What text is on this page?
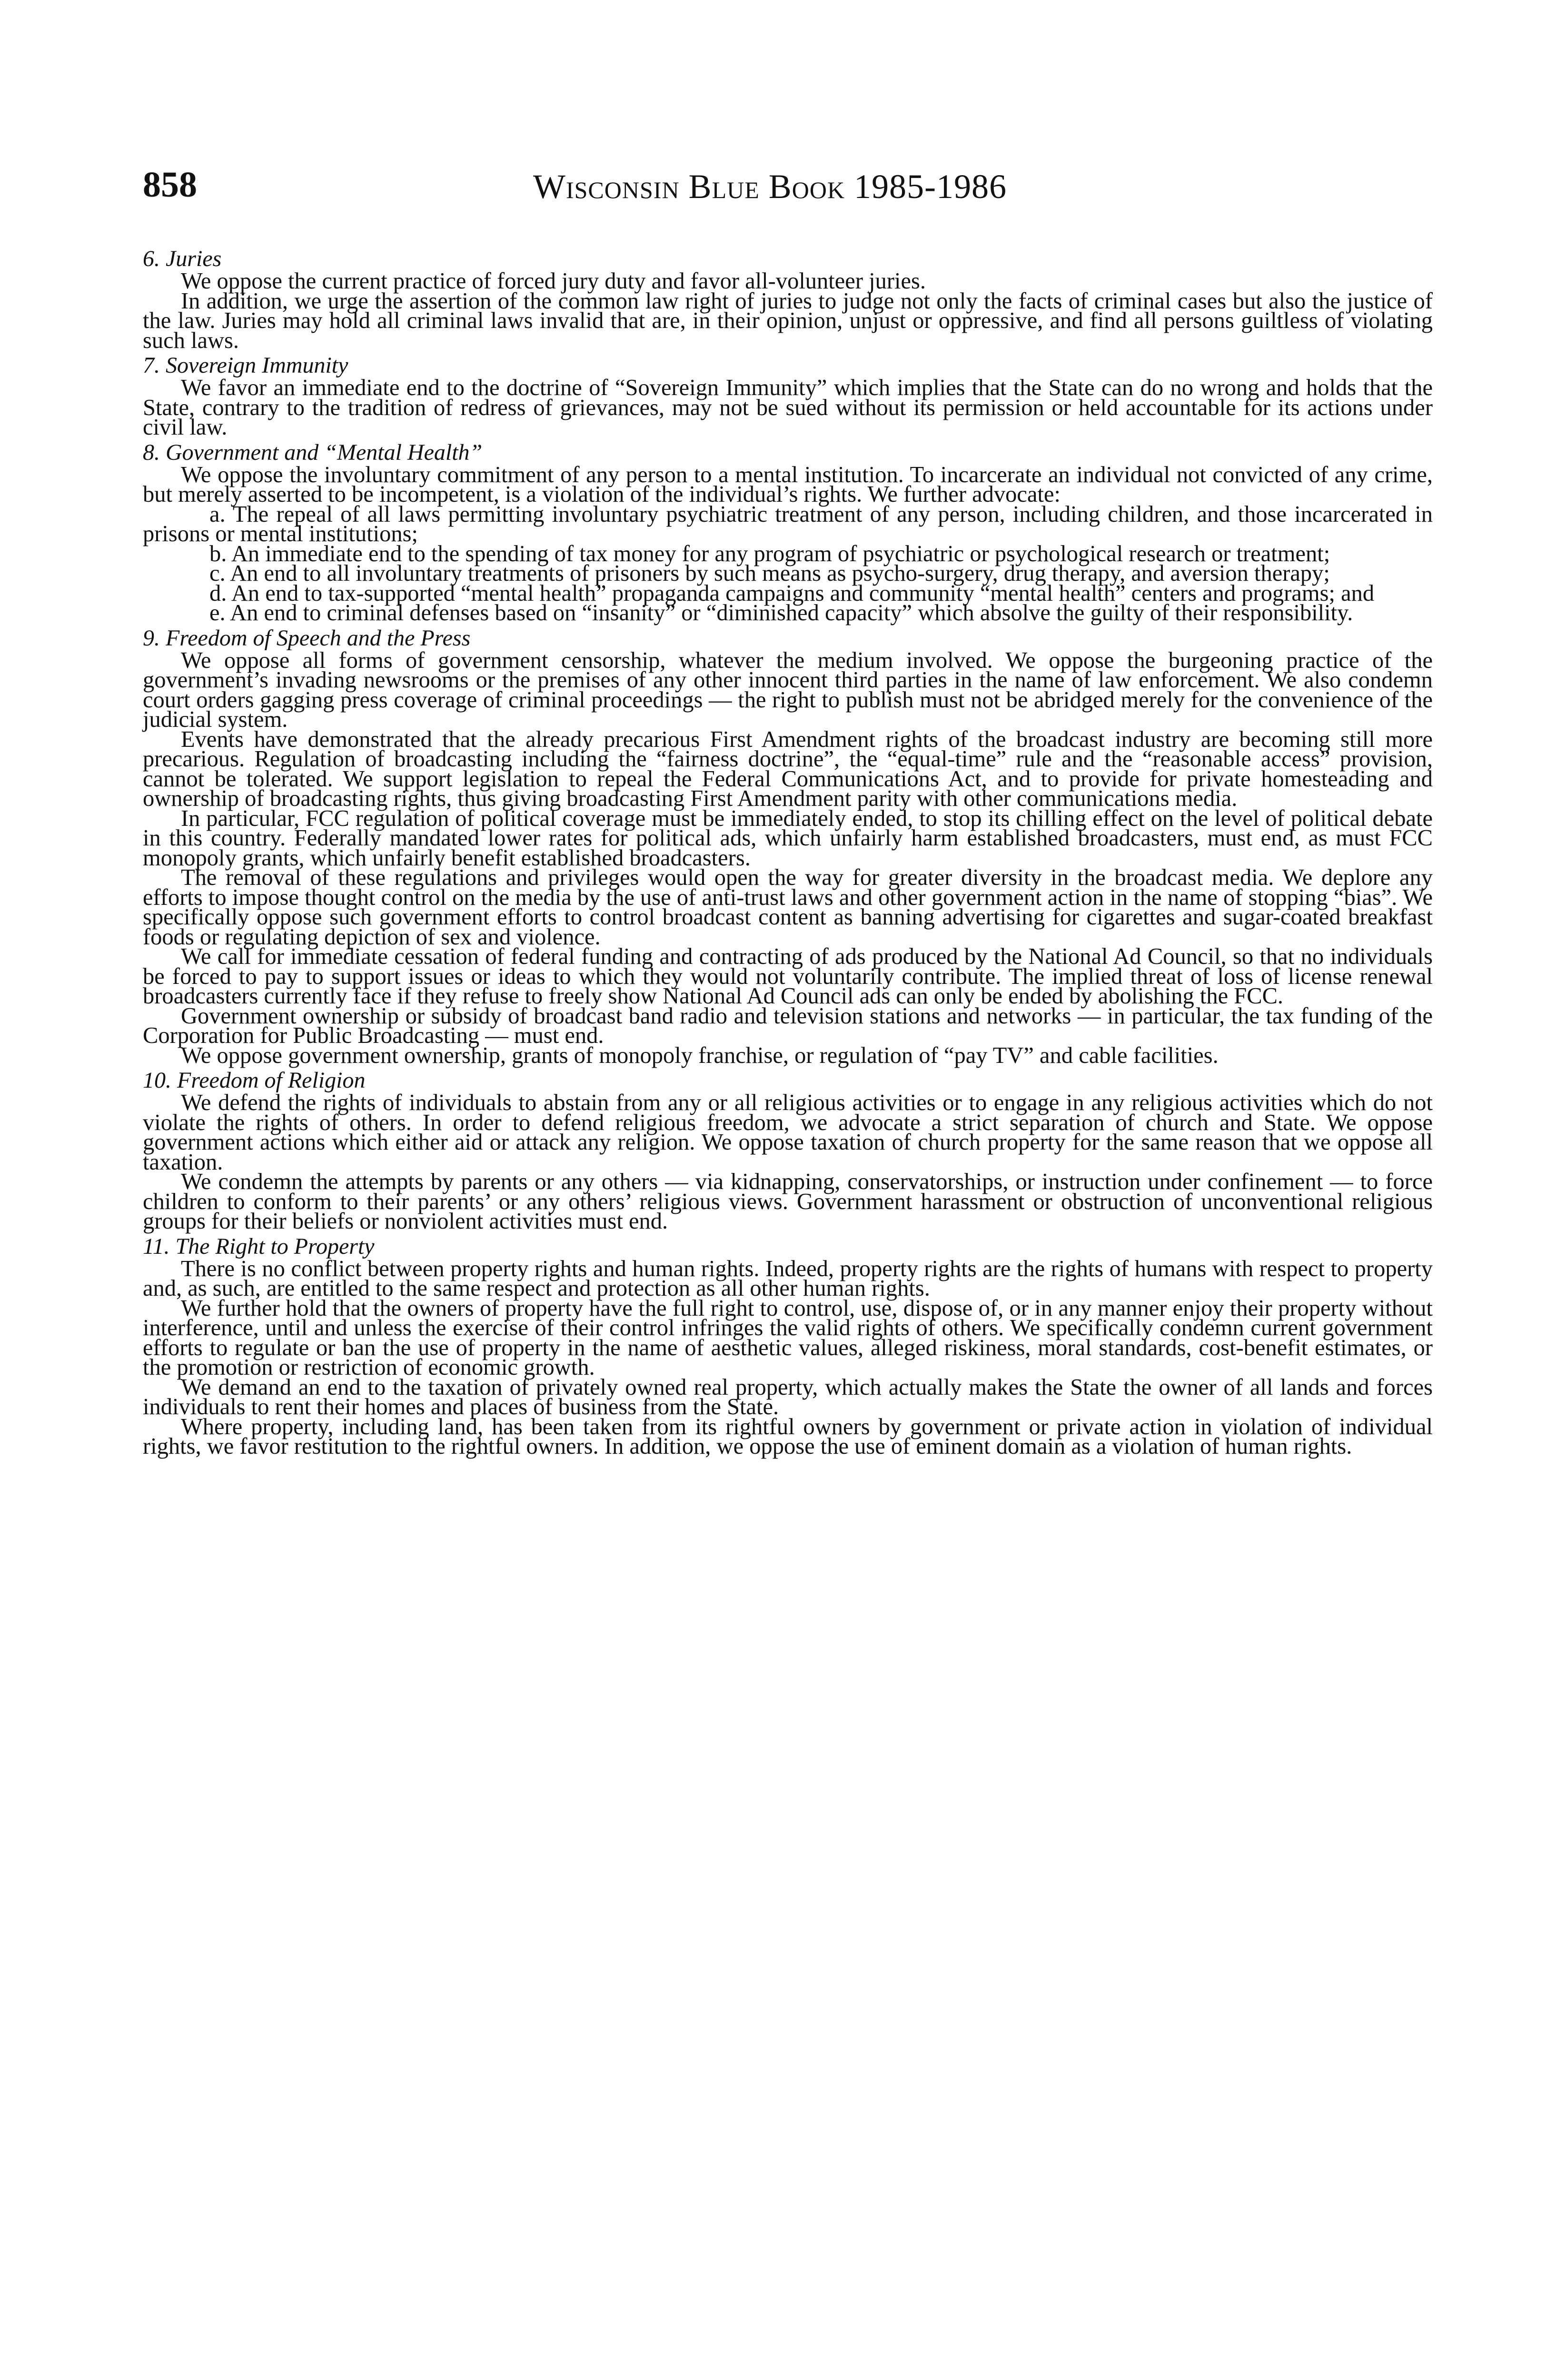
858	Wisconsin Blue Book 1985-1986
6. Juries

We oppose the current practice of forced jury duty and favor all-volunteer juries.

In addition, we urge the assertion of the common law right of juries to judge not only the facts of criminal cases but also the justice of the law. Juries may hold all criminal laws invalid that are, in their opinion, unjust or oppressive, and find all persons guiltless of violating such laws.

7. Sovereign Immunity

We favor an immediate end to the doctrine of “Sovereign Immunity” which implies that the State can do no wrong and holds that the State, contrary to the tradition of redress of grievances, may not be sued without its permission or held accountable for its actions under civil law.

8. Government and “Mental Health”

We oppose the involuntary commitment of any person to a mental institution. To incarcerate an individual not convicted of any crime, but merely asserted to be incompetent, is a violation of the individual’s rights. We further advocate:

a. The repeal of all laws permitting involuntary psychiatric treatment of any person, including children, and those incarcerated in prisons or mental institutions;

b. An immediate end to the spending of tax money for any program of psychiatric or psychological research or treatment;

c. An end to all involuntary treatments of prisoners by such means as psycho-surgery, drug therapy, and aversion therapy;

d. An end to tax-supported “mental health” propaganda campaigns and community “mental health” centers and programs; and

e. An end to criminal defenses based on “insanity” or “diminished capacity” which absolve the guilty of their responsibility.

9. Freedom of Speech and the Press

We oppose all forms of government censorship, whatever the medium involved. We oppose the burgeoning practice of the government’s invading newsrooms or the premises of any other innocent third parties in the name of law enforcement. We also condemn court orders gagging press coverage of criminal proceedings — the right to publish must not be abridged merely for the convenience of the judicial system.

Events have demonstrated that the already precarious First Amendment rights of the broadcast industry are becoming still more precarious. Regulation of broadcasting including the “fairness doctrine”, the “equal-time” rule and the “reasonable access” provision, cannot be tolerated. We support legislation to repeal the Federal Communications Act, and to provide for private homesteading and ownership of broadcasting rights, thus giving broadcasting First Amendment parity with other communications media.

In particular, FCC regulation of political coverage must be immediately ended, to stop its chilling effect on the level of political debate in this country. Federally mandated lower rates for political ads, which unfairly harm established broadcasters, must end, as must FCC monopoly grants, which unfairly benefit established broadcasters.

The removal of these regulations and privileges would open the way for greater diversity in the broadcast media. We deplore any efforts to impose thought control on the media by the use of anti-trust laws and other government action in the name of stopping “bias”. We specifically oppose such government efforts to control broadcast content as banning advertising for cigarettes and sugar-coated breakfast foods or regulating depiction of sex and violence.

We call for immediate cessation of federal funding and contracting of ads produced by the National Ad Council, so that no individuals be forced to pay to support issues or ideas to which they would not voluntarily contribute. The implied threat of loss of license renewal broadcasters currently face if they refuse to freely show National Ad Council ads can only be ended by abolishing the FCC.

Government ownership or subsidy of broadcast band radio and television stations and networks — in particular, the tax funding of the Corporation for Public Broadcasting — must end.

We oppose government ownership, grants of monopoly franchise, or regulation of “pay TV” and cable facilities.

10. Freedom of Religion

We defend the rights of individuals to abstain from any or all religious activities or to engage in any religious activities which do not violate the rights of others. In order to defend religious freedom, we advocate a strict separation of church and State. We oppose government actions which either aid or attack any religion. We oppose taxation of church property for the same reason that we oppose all taxation.

We condemn the attempts by parents or any others — via kidnapping, conservatorships, or instruction under confinement — to force children to conform to their parents’ or any others’ religious views. Government harassment or obstruction of unconventional religious groups for their beliefs or nonviolent activities must end.

11. The Right to Property

There is no conflict between property rights and human rights. Indeed, property rights are the rights of humans with respect to property and, as such, are entitled to the same respect and protection as all other human rights.

We further hold that the owners of property have the full right to control, use, dispose of, or in any manner enjoy their property without interference, until and unless the exercise of their control infringes the valid rights of others. We specifically condemn current government efforts to regulate or ban the use of property in the name of aesthetic values, alleged riskiness, moral standards, cost-benefit estimates, or the promotion or restriction of economic growth.

We demand an end to the taxation of privately owned real property, which actually makes the State the owner of all lands and forces individuals to rent their homes and places of business from the State.

Where property, including land, has been taken from its rightful owners by government or private action in violation of individual rights, we favor restitution to the rightful owners. In addition, we oppose the use of eminent domain as a violation of human rights.
